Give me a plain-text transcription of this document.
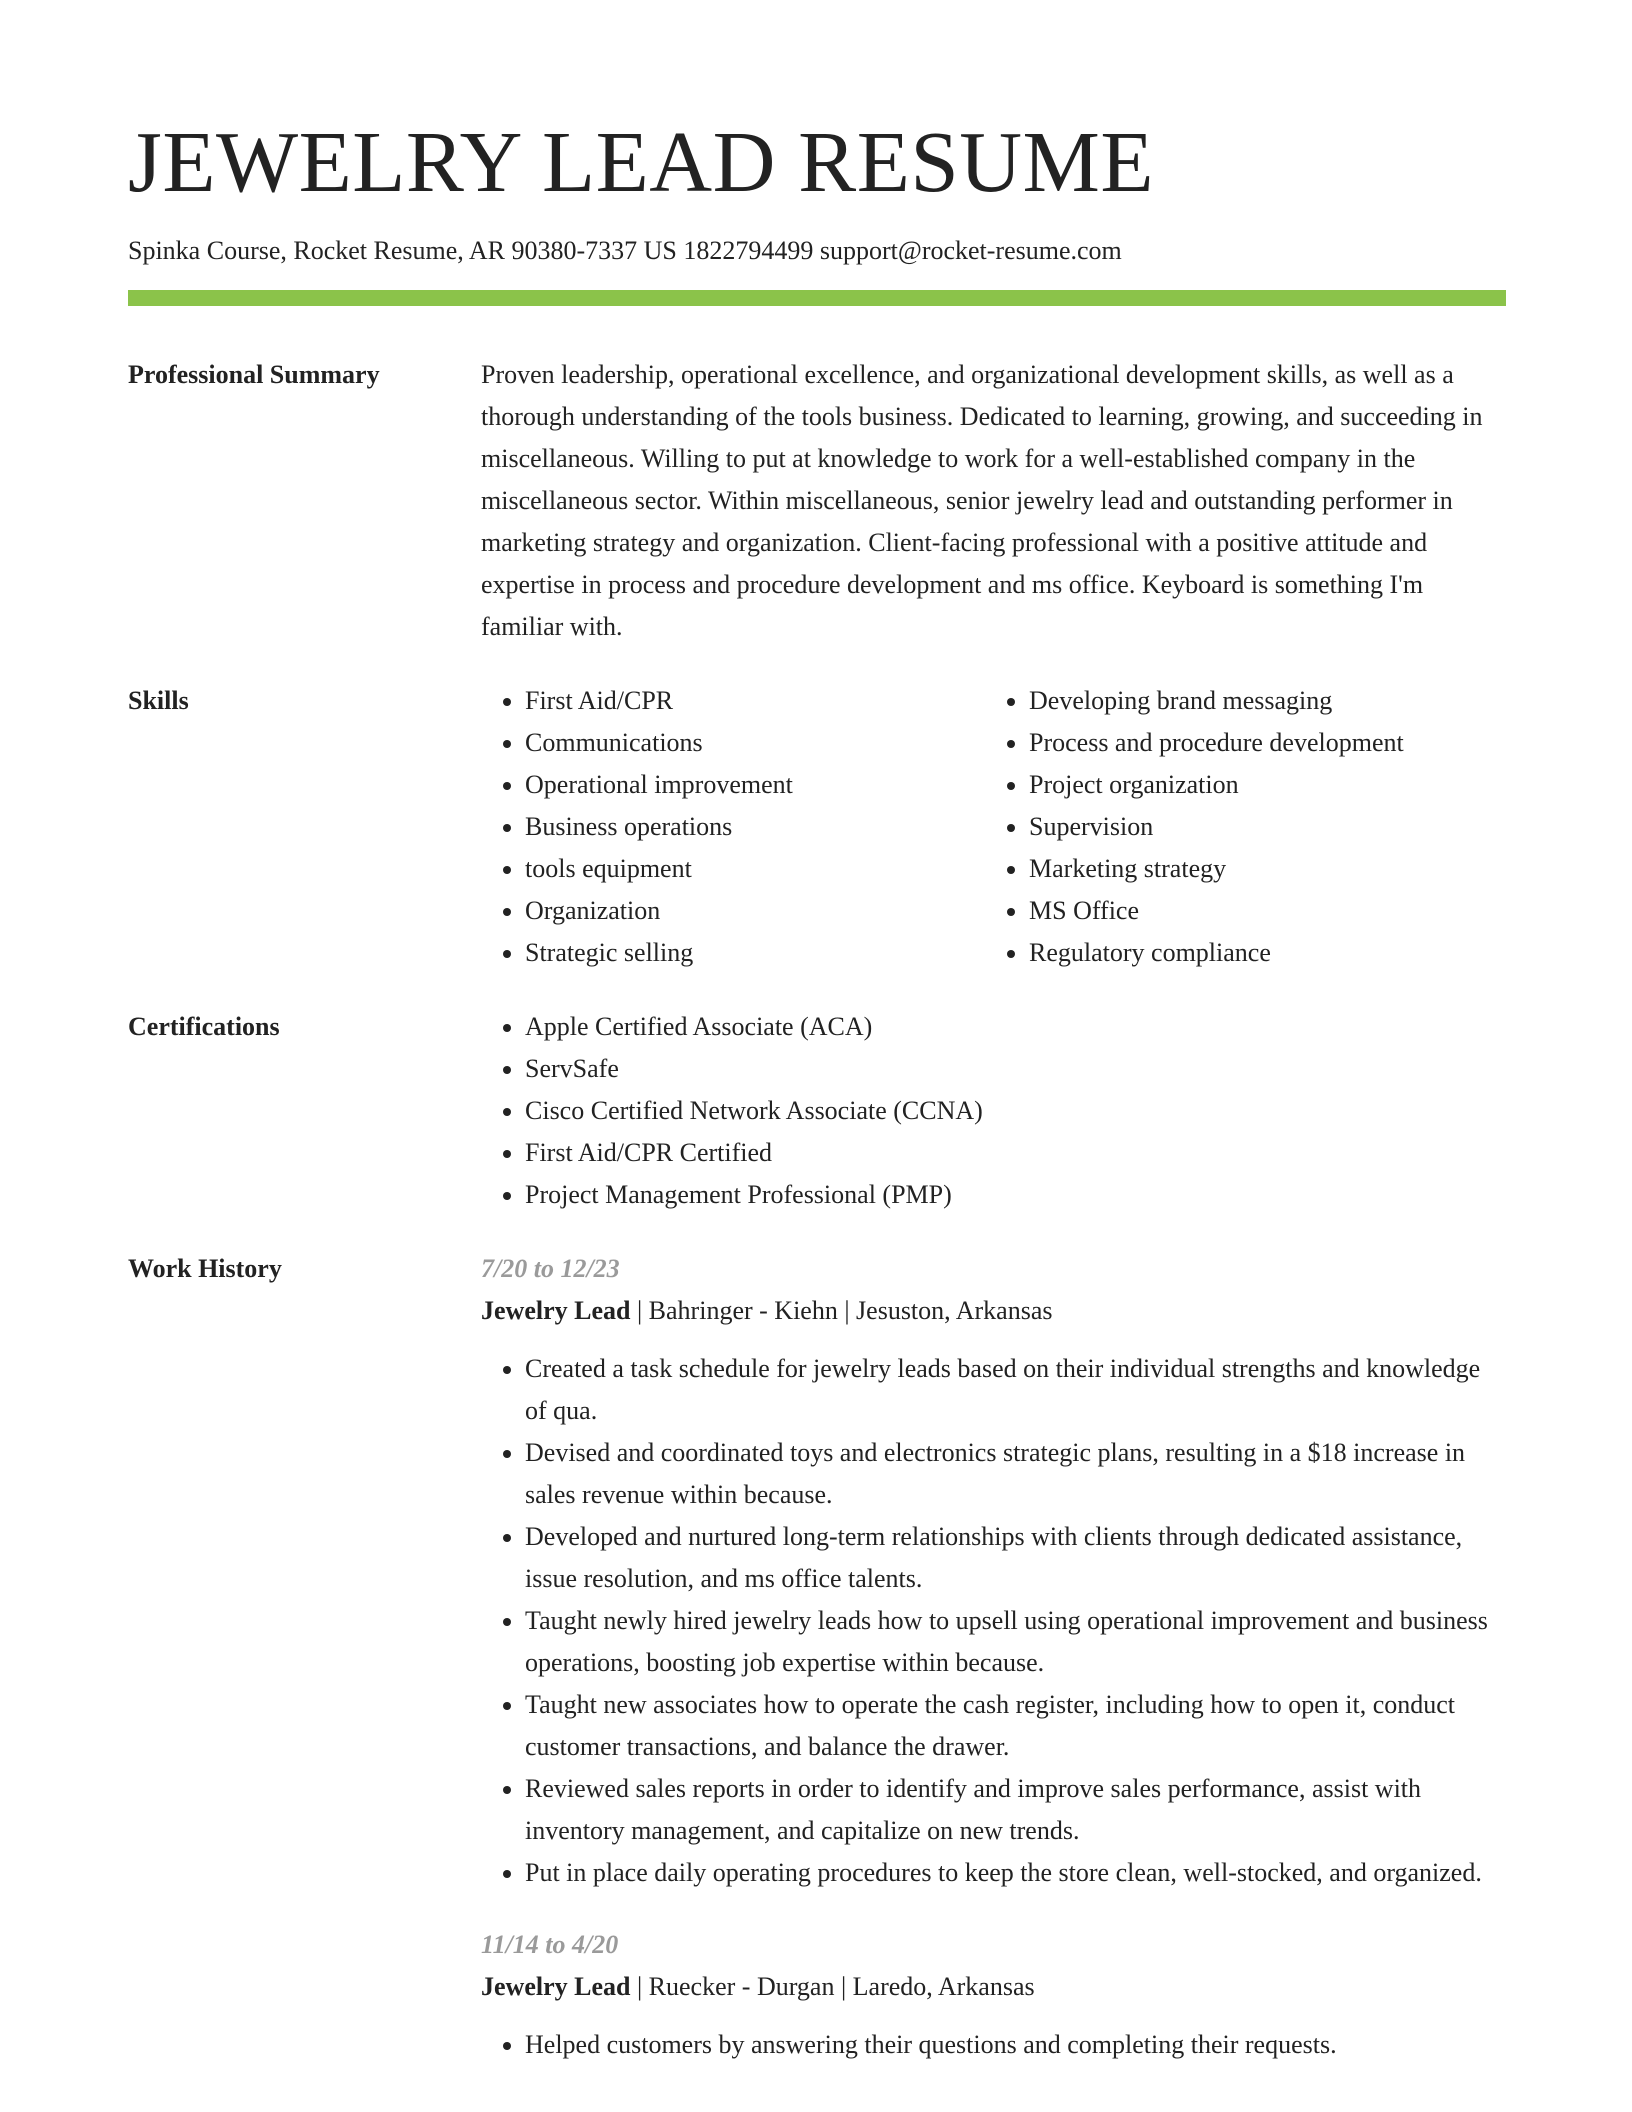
JEWELRY LEAD RESUME
Spinka Course, Rocket Resume, AR 90380-7337 US 1822794499 support@rocket-resume.com
Professional Summary	Proven leadership, operational excellence, and organizational development skills, as well as a thorough understanding of the tools business. Dedicated to learning, growing, and succeeding in miscellaneous. Willing to put at knowledge to work for a well-established company in the miscellaneous sector. Within miscellaneous, senior jewelry lead and outstanding performer in marketing strategy and organization. Client-facing professional with a positive attitude and expertise in process and procedure development and ms office. Keyboard is something I'm familiar with.
Skills	• First Aid/CPR
• Communications
• Operational improvement
• Business operations
• tools equipment
• Organization
• Strategic selling
• Developing brand messaging
• Process and procedure development
• Project organization
• Supervision
• Marketing strategy
• MS Office
• Regulatory compliance
Certifications	• Apple Certified Associate (ACA)
• ServSafe
• Cisco Certified Network Associate (CCNA)
• First Aid/CPR Certified
• Project Management Professional (PMP)
Work History	7/20 to 12/23
Jewelry Lead | Bahringer - Kiehn | Jesuston, Arkansas
• Created a task schedule for jewelry leads based on their individual strengths and knowledge of qua.
• Devised and coordinated toys and electronics strategic plans, resulting in a $18 increase in sales revenue within because.
• Developed and nurtured long-term relationships with clients through dedicated assistance, issue resolution, and ms office talents.
• Taught newly hired jewelry leads how to upsell using operational improvement and business operations, boosting job expertise within because.
• Taught new associates how to operate the cash register, including how to open it, conduct customer transactions, and balance the drawer.
• Reviewed sales reports in order to identify and improve sales performance, assist with inventory management, and capitalize on new trends.
• Put in place daily operating procedures to keep the store clean, well-stocked, and organized.
11/14 to 4/20
Jewelry Lead | Ruecker - Durgan | Laredo, Arkansas
• Helped customers by answering their questions and completing their requests.
